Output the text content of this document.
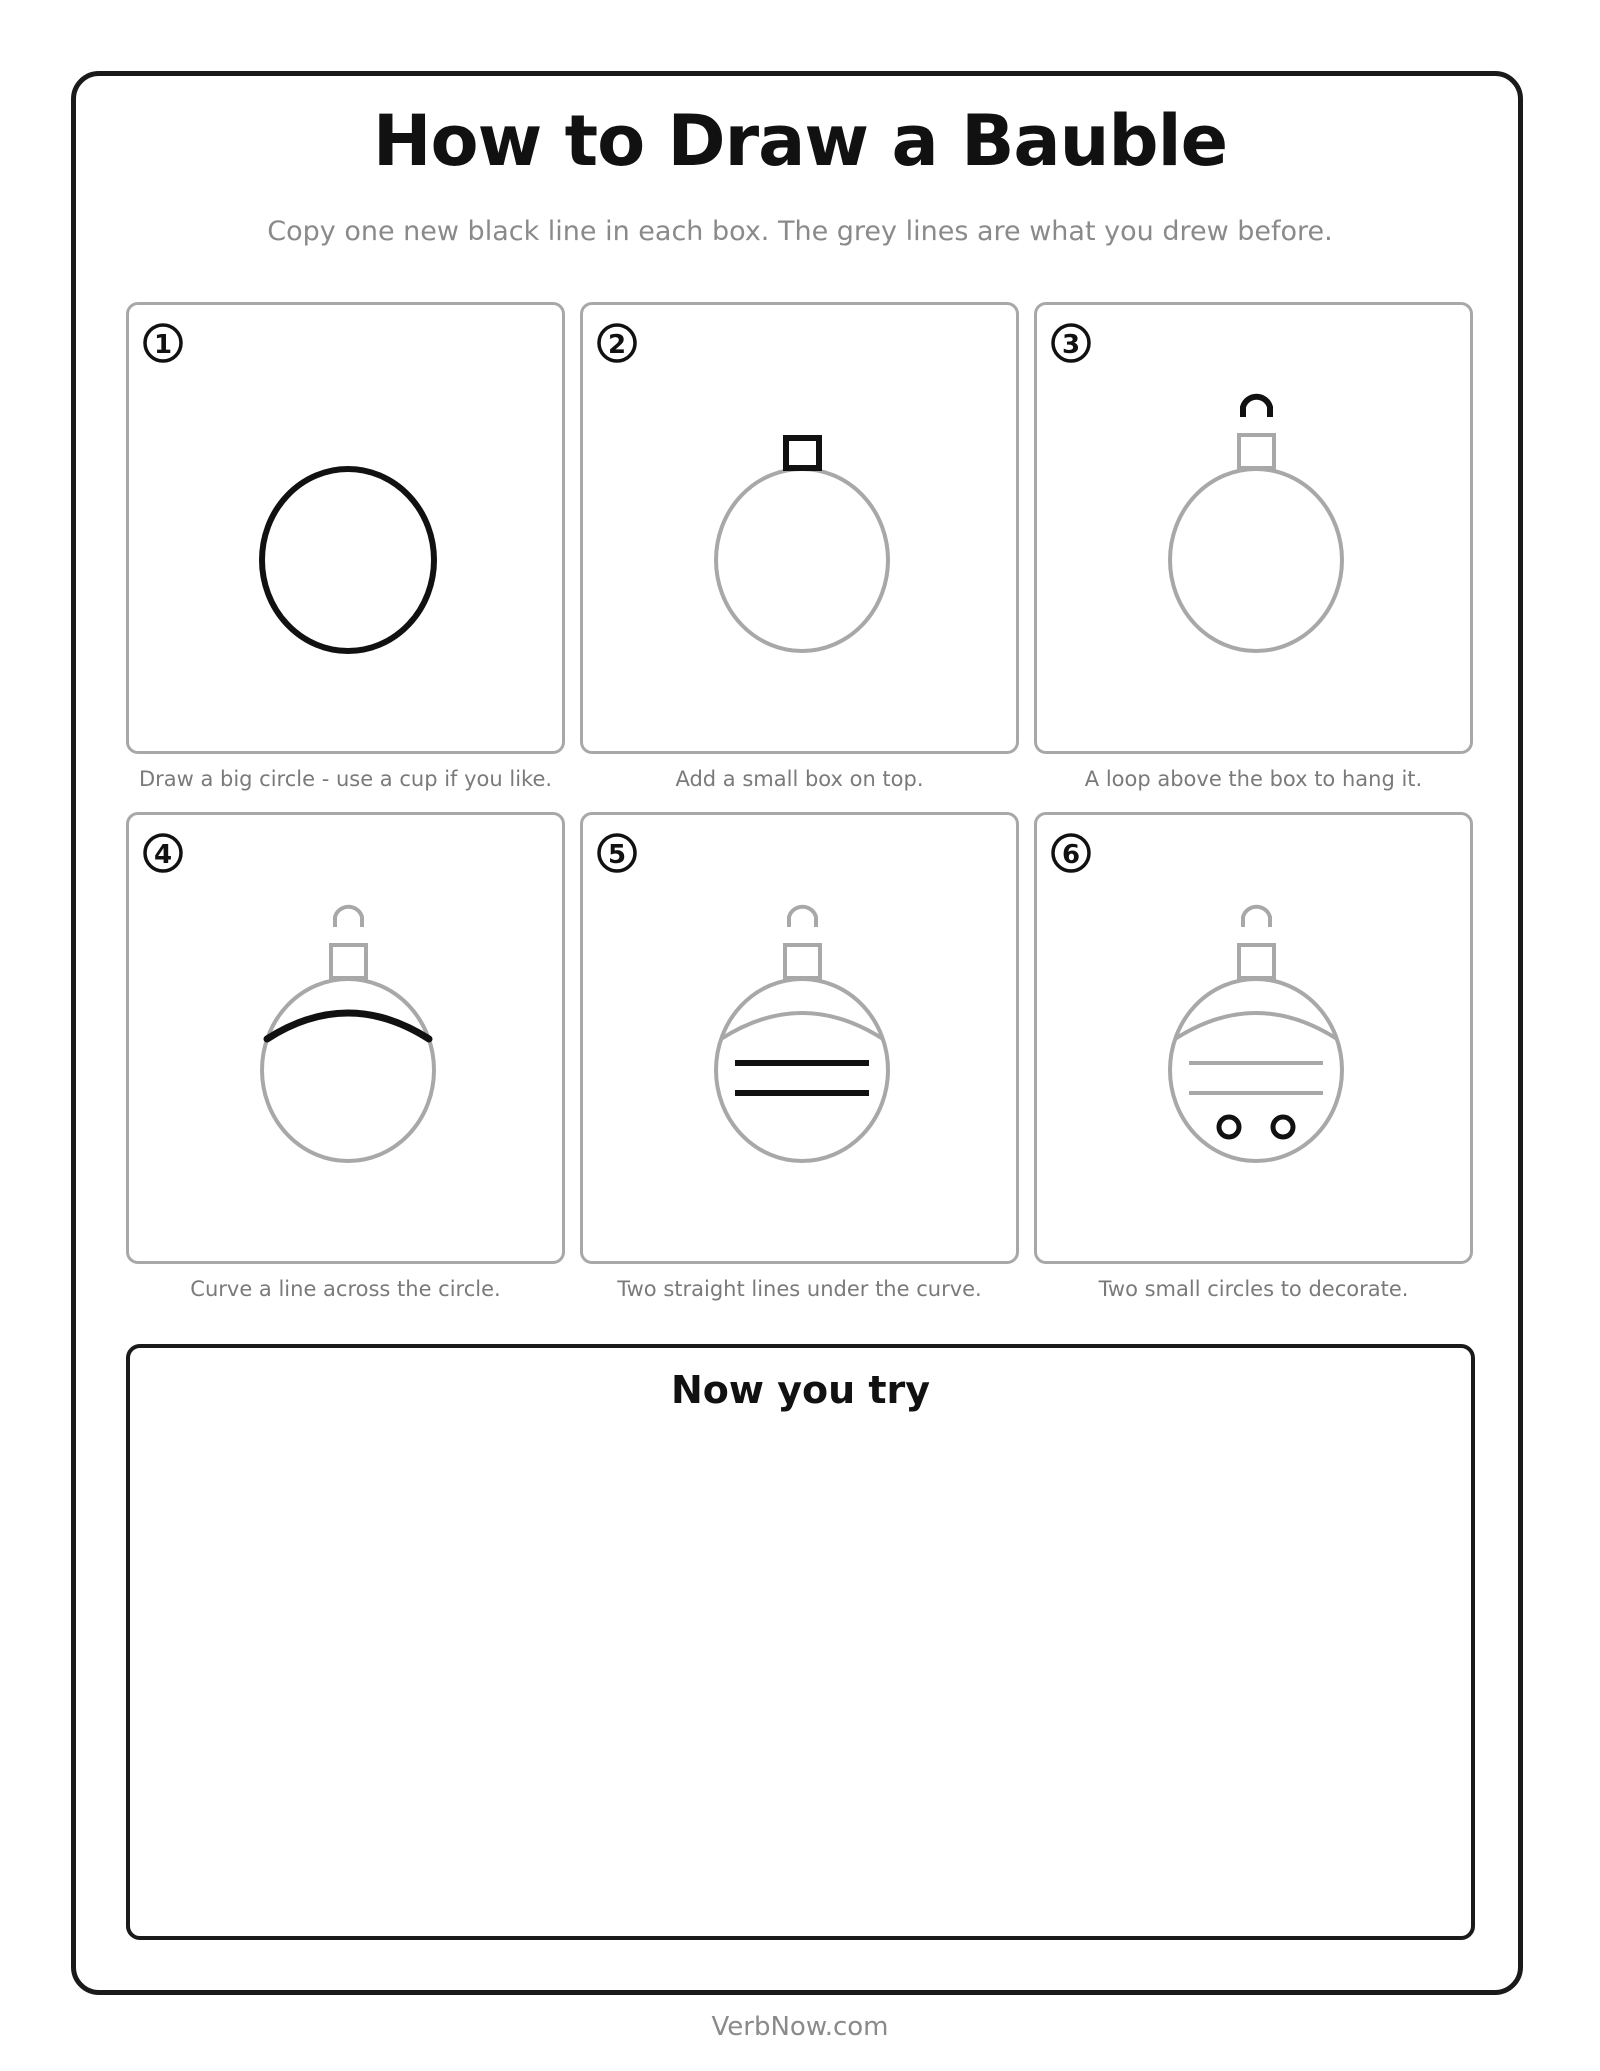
How to Draw a Bauble
Copy one new black line in each box. The grey lines are what you drew before.
1
Draw a big circle - use a cup if you like.
2
Add a small box on top.
3
A loop above the box to hang it.
4
Curve a line across the circle.
5
Two straight lines under the curve.
6
Two small circles to decorate.
Now you try
VerbNow.com
